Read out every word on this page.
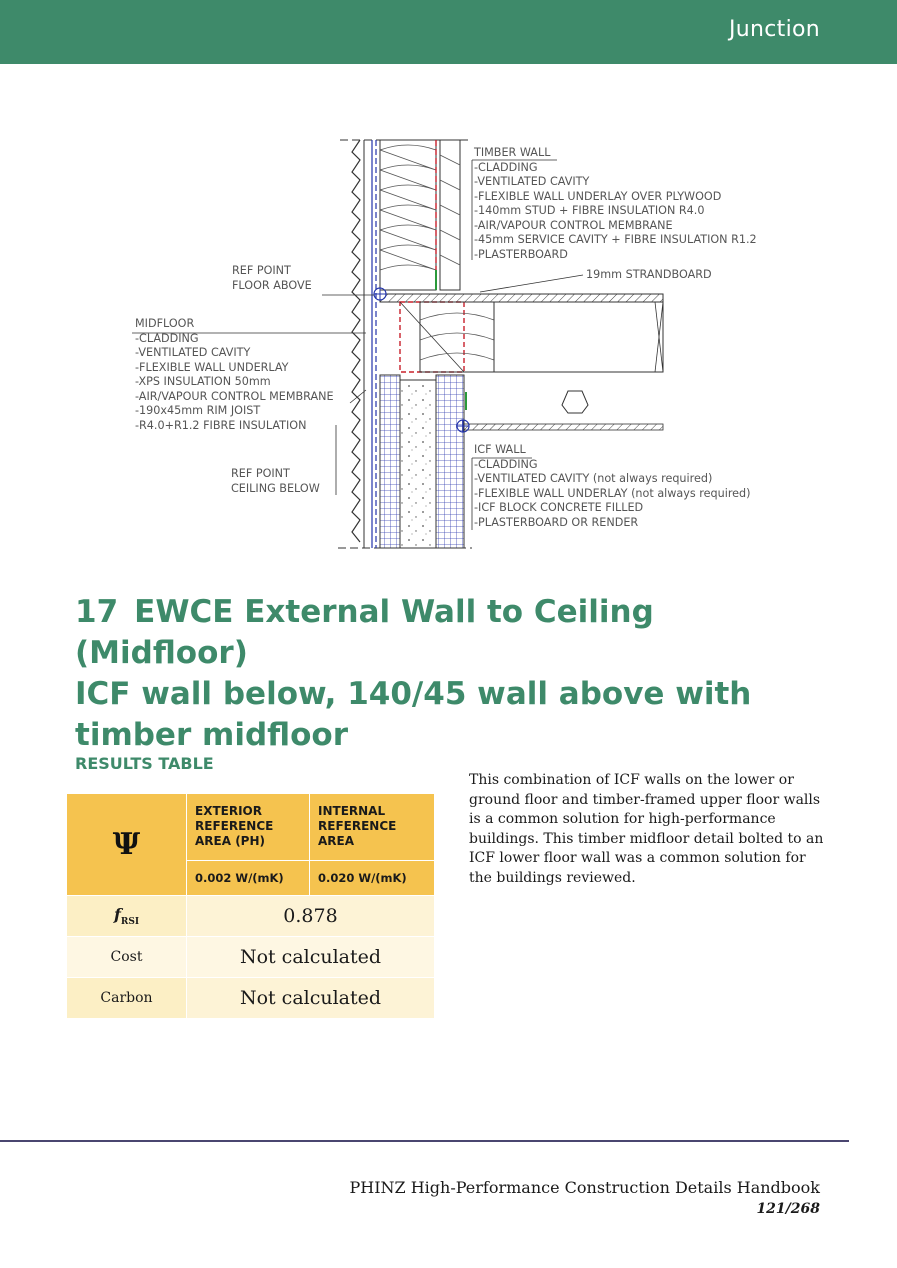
Junction
TIMBER WALL
-CLADDING
-VENTILATED CAVITY
-FLEXIBLE WALL UNDERLAY OVER PLYWOOD
-140mm STUD + FIBRE INSULATION R4.0
-AIR/VAPOUR CONTROL MEMBRANE
-45mm SERVICE CAVITY + FIBRE INSULATION R1.2
-PLASTERBOARD
19mm STRANDBOARD
REF POINT
FLOOR ABOVE
MIDFLOOR
-CLADDING
-VENTILATED CAVITY
-FLEXIBLE WALL UNDERLAY
-XPS INSULATION 50mm
-AIR/VAPOUR CONTROL MEMBRANE
-190x45mm RIM JOIST
-R4.0+R1.2 FIBRE INSULATION
ICF WALL
-CLADDING
-VENTILATED CAVITY (not always required)
-FLEXIBLE WALL UNDERLAY (not always required)
-ICF BLOCK CONCRETE FILLED
-PLASTERBOARD OR RENDER
REF POINT
CEILING BELOW
17 EWCE External Wall to Ceiling (Midfloor)
ICF wall below, 140/45 wall above with
timber midfloor
RESULTS TABLE
Ψ	EXTERIOR REFERENCE AREA (PH)	INTERNAL REFERENCE AREA
	0.002 W/(mK)	0.020 W/(mK)
$f_{RSI}$	0.878	
Cost	Not calculated	
Carbon	Not calculated	
This combination of ICF walls on the lower or ground floor and timber-framed upper floor walls is a common solution for high-performance buildings. This timber midfloor detail bolted to an ICF lower floor wall was a common solution for the buildings reviewed.
PHINZ High-Performance Construction Details Handbook
121/268
